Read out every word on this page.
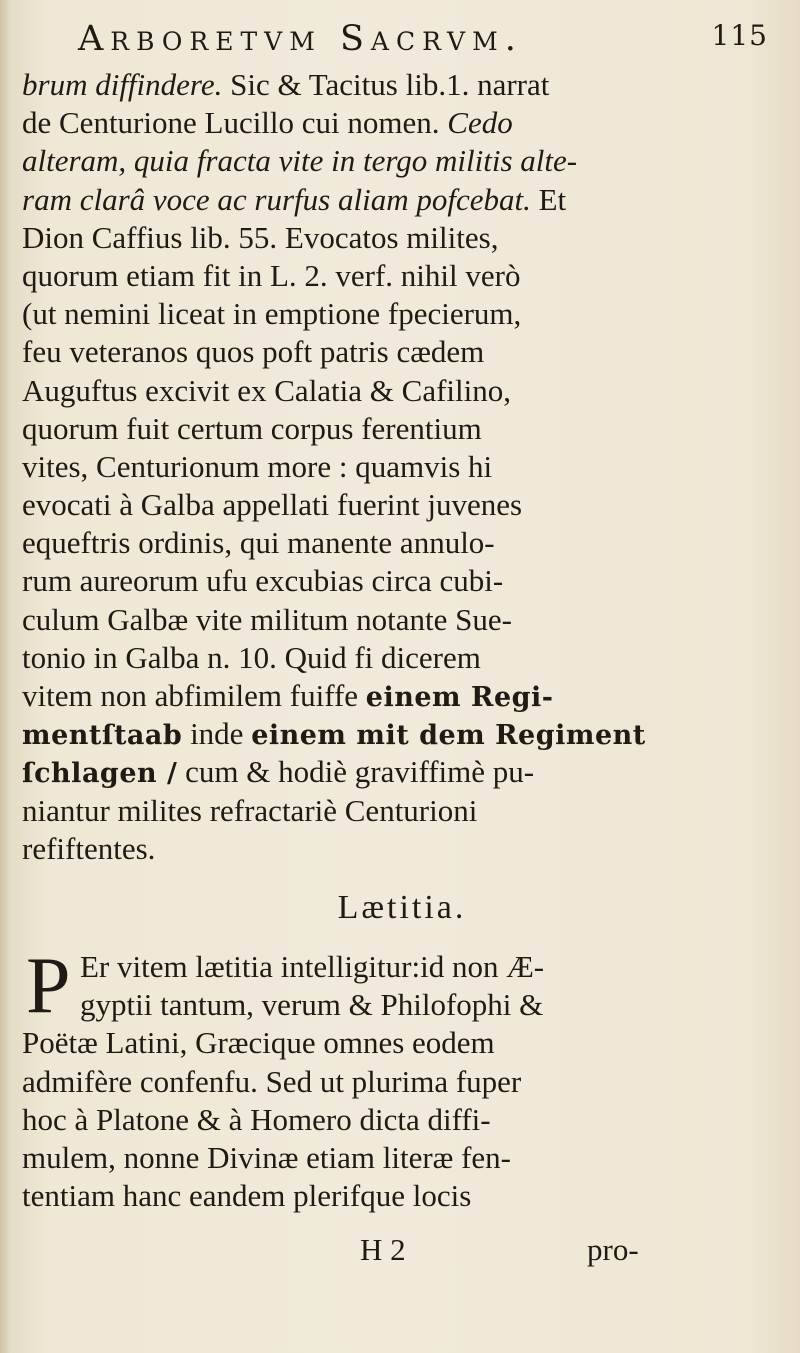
Arboretvm Sacrvm.	115
brum diffindere. Sic & Tacitus lib.1. narrat
de Centurione Lucillo cui nomen. Cedo
alteram, quia fracta vite in tergo militis alte-
ram clarâ voce ac rurfus aliam pofcebat. Et
Dion Caffius lib. 55. Evocatos milites,
quorum etiam fit in L. 2. verf. nihil verò
(ut nemini liceat in emptione fpecierum,
feu veteranos quos poft patris cædem
Auguftus excivit ex Calatia & Cafilino,
quorum fuit certum corpus ferentium
vites, Centurionum more : quamvis hi
evocati à Galba appellati fuerint juvenes
equeftris ordinis, qui manente annulo-
rum aureorum ufu excubias circa cubi-
culum Galbæ vite militum notante Sue-
tonio in Galba n. 10. Quid fi dicerem
vitem non abfimilem fuiffe einem Regi-
mentſtaab inde einem mit dem Regiment
ſchlagen / cum & hodiè graviffimè pu-
niantur milites refractariè Centurioni
refiftentes.
Lætitia.
P Er vitem lætitia intelligitur:id non Æ-
gyptii tantum, verum & Philofophi &
Poëtæ Latini, Græcique omnes eodem
admifère confenfu. Sed ut plurima fuper
hoc à Platone & à Homero dicta diffi-
mulem, nonne Divinæ etiam literæ fen-
tentiam hanc eandem plerifque locis
H 2	pro-
